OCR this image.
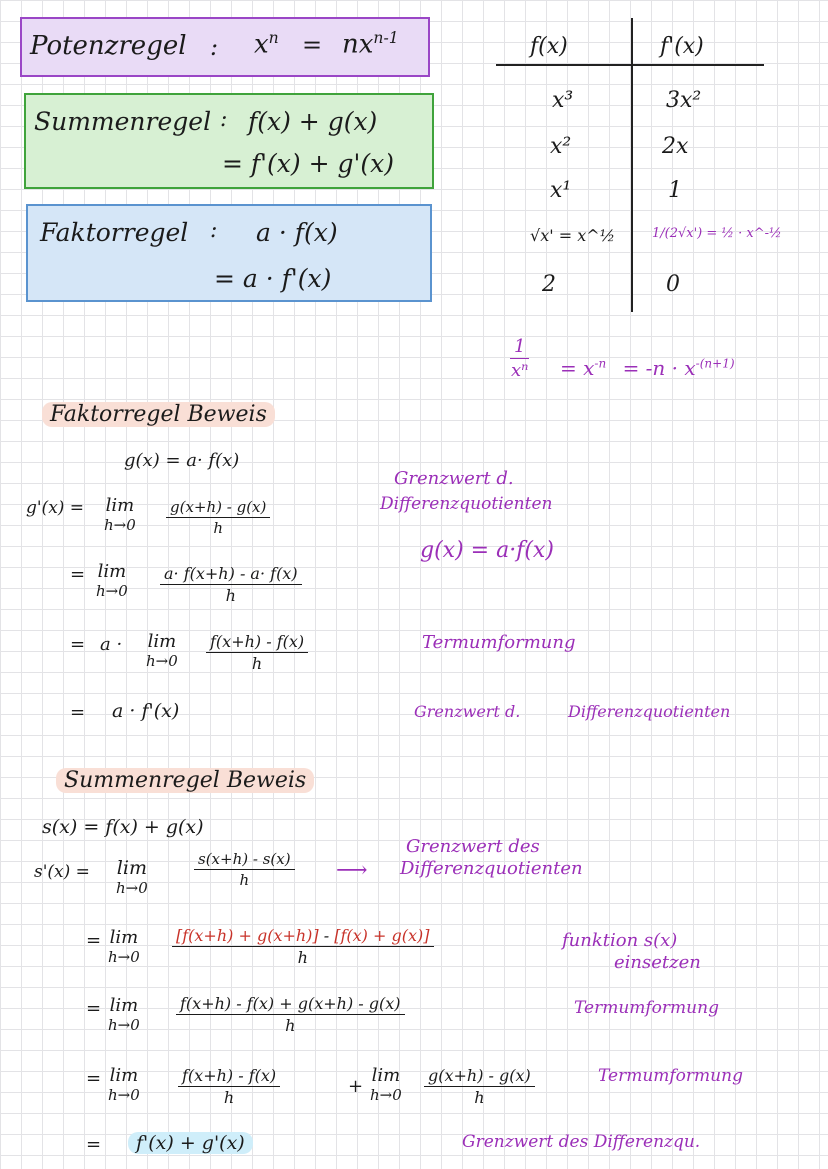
Potenzregel : $x^n = nx^{n-1}$
Summenregel : f(x) + g(x)
= f'(x) + g'(x)
Faktorregel : a · f(x)
= a · f'(x)
f(x)	f'(x)
x³	3x²
x²	2x
x¹	1
√x' = x^½	1/(2√x') = ½ · x^-½
2	0
$\frac{1}{\text{xⁿ}} = x^{-n} = -n \cdot x^{-(n+1)}$
Faktorregel Beweis
g(x) = a· f(x)
g'(x) = lim
$h\to 0 \frac{g(x+h) - g(x)}{h}$
Grenzwert d.
Differenzquotienten
g(x) = a·f(x)
= lim
$h\to 0 \frac{a\cdot f(x+h) - a\cdot f(x)}{h}$
= a · lim
$h\to 0 \frac{f(x+h) - f(x)}{h}$	Termumformung
= a · f'(x)	Grenzwert d.	Differenzquotienten
Summenregel Beweis
s(x) = f(x) + g(x)
s'(x) = lim
h→0	$\frac{s(x+h) - s(x)}{h}$ ⟶
Grenzwert des
Differenzquotienten
= lim
$h\to 0 \frac{[f(x+h) + g(x+h)] - [f(x) + g(x)]}{h}$	funktion s(x)
einsetzen
= lim
$h\to 0 \frac{f(x+h) - f(x) + g(x+h) - g(x)}{h}$	Termumformung
= lim
$h\to 0 \frac{f(x+h) - f(x)}{h}$	+
lim
$h\to 0 \frac{g(x+h) - g(x)}{h}$	Termumformung
=	f'(x) + g'(x)	Grenzwert des Differenzqu.
